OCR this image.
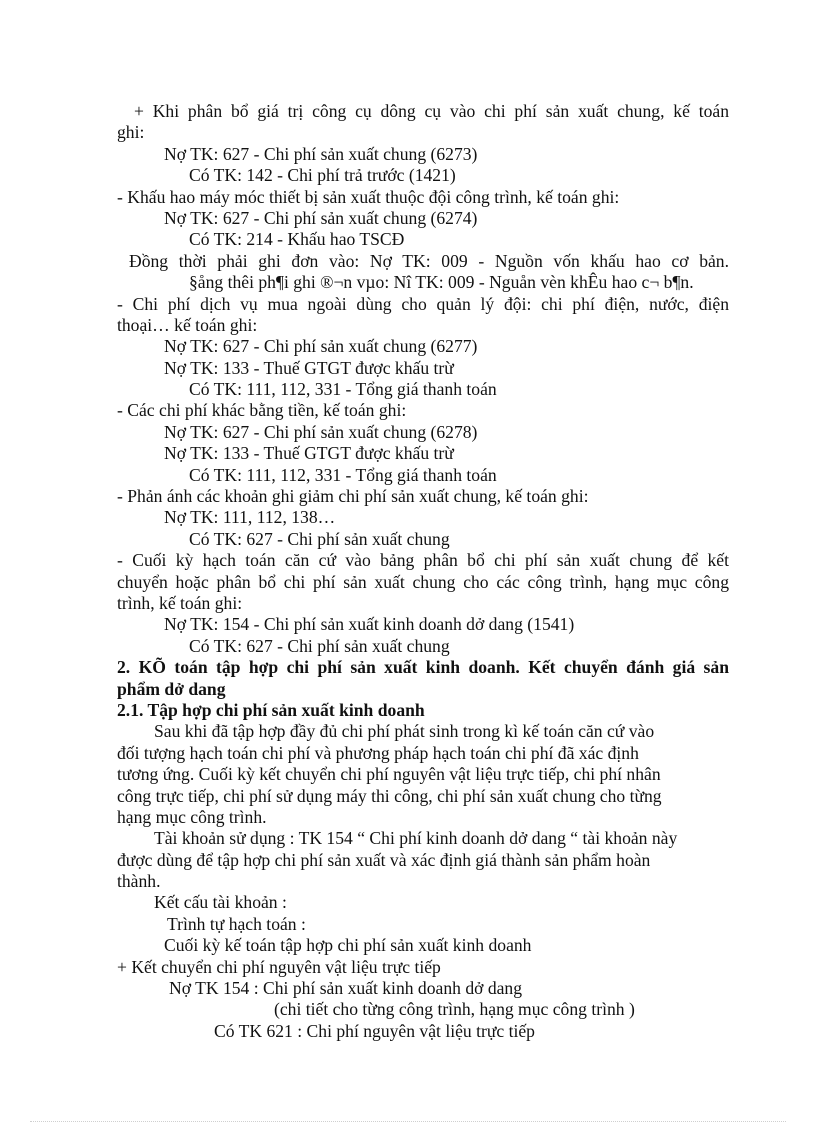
+ Khi phân bổ giá trị công cụ dông cụ vào chi phí sản xuất chung, kế toán
ghi:
Nợ TK: 627 - Chi phí sản xuất chung (6273)
Có TK: 142 - Chi phí trả trước (1421)
- Khấu hao máy móc thiết bị sản xuất thuộc đội công trình, kế toán ghi:
Nợ TK: 627 - Chi phí sản xuất chung (6274)
Có TK: 214 - Khấu hao TSCĐ
Đồng thời phải ghi đơn vào: Nợ TK: 009 - Nguồn vốn khấu hao cơ bản.
§ång thêi ph¶i ghi ®¬n vµo: Nî TK: 009 - Nguån vèn khÊu hao c¬ b¶n.
- Chi phí dịch vụ mua ngoài dùng cho quản lý đội: chi phí điện, nước, điện
thoại… kế toán ghi:
Nợ TK: 627 - Chi phí sản xuất chung (6277)
Nợ TK: 133 - Thuế GTGT được khấu trừ
Có TK: 111, 112, 331 - Tổng giá thanh toán
- Các chi phí khác bằng tiền, kế toán ghi:
Nợ TK: 627 - Chi phí sản xuất chung (6278)
Nợ TK: 133 - Thuế GTGT được khấu trừ
Có TK: 111, 112, 331 - Tổng giá thanh toán
- Phản ánh các khoản ghi giảm chi phí sản xuất chung, kế toán ghi:
Nợ TK: 111, 112, 138…
Có TK: 627 - Chi phí sản xuất chung
- Cuối kỳ hạch toán căn cứ vào bảng phân bổ chi phí sản xuất chung để kết
chuyển hoặc phân bổ chi phí sản xuất chung cho các công trình, hạng mục công
trình, kế toán ghi:
Nợ TK: 154 - Chi phí sản xuất kinh doanh dở dang (1541)
Có TK: 627 - Chi phí sản xuất chung
2. KÕ toán tập hợp chi phí sản xuất kinh doanh. Kết chuyển đánh giá sản
phẩm dở dang
2.1. Tập hợp chi phí sản xuất kinh doanh
Sau khi đã tập hợp đầy đủ chi phí phát sinh trong kì kế toán căn cứ vào
đối tượng hạch toán chi phí và phương pháp hạch toán chi phí đã xác định
tương ứng. Cuối kỳ kết chuyển chi phí nguyên vật liệu trực tiếp, chi phí nhân
công trực tiếp, chi phí sử dụng máy thi công, chi phí sản xuất chung cho từng
hạng mục công trình.
Tài khoản sử dụng : TK 154 “ Chi phí kinh doanh dở dang “ tài khoản này
được dùng để tập hợp chi phí sản xuất và xác định giá thành sản phẩm hoàn
thành.
Kết cấu tài khoản :
Trình tự hạch toán :
Cuối kỳ kế toán tập hợp chi phí sản xuất kinh doanh
+ Kết chuyển chi phí nguyên vật liệu trực tiếp
Nợ TK 154 : Chi phí sản xuất kinh doanh dở dang
(chi tiết cho từng công trình, hạng mục công trình )
Có TK 621 : Chi phí nguyên vật liệu trực tiếp
